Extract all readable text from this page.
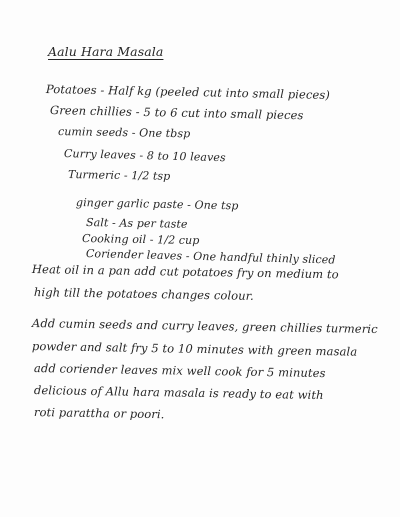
Aalu Hara Masala
Potatoes - Half kg (peeled cut into small pieces)
Green chillies - 5 to 6 cut into small pieces
cumin seeds - One tbsp
Curry leaves - 8 to 10 leaves
Turmeric - 1/2 tsp
ginger garlic paste - One tsp
Salt - As per taste
Cooking oil - 1/2 cup
Coriender leaves - One handful thinly sliced
Heat oil in a pan add cut potatoes fry on medium to
high till the potatoes changes colour.
Add cumin seeds and curry leaves, green chillies turmeric
powder and salt fry 5 to 10 minutes with green masala
add coriender leaves mix well cook for 5 minutes
delicious of Allu hara masala is ready to eat with
roti parattha or poori.
